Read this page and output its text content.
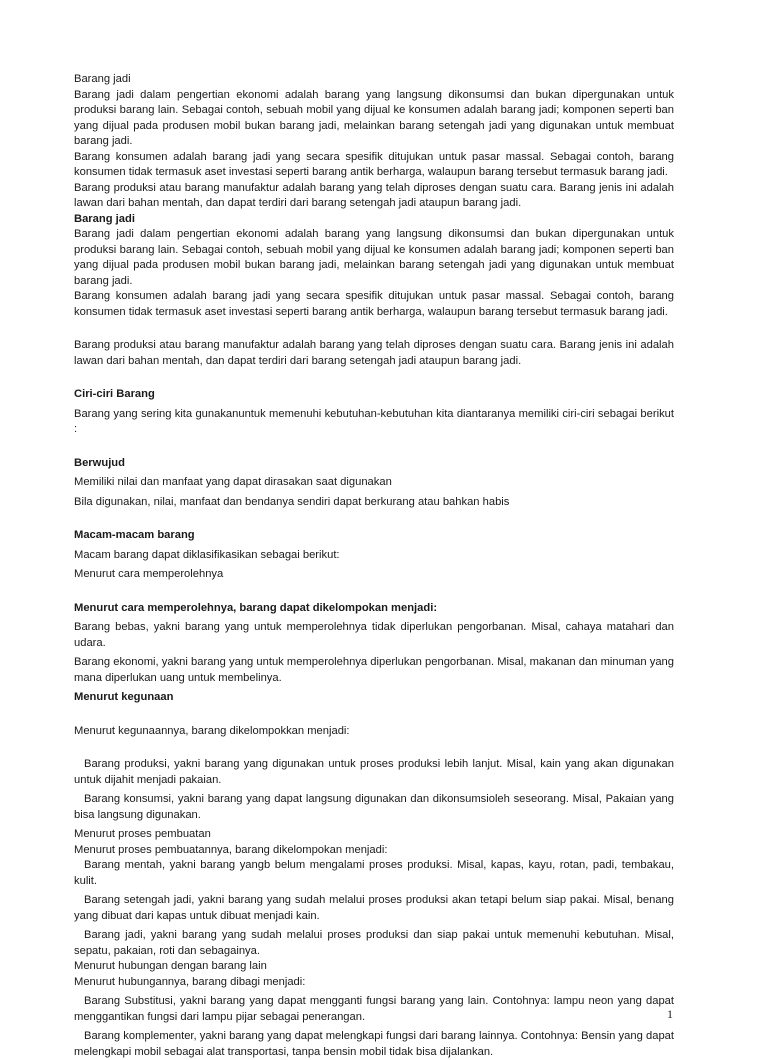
Barang jadi

Barang jadi dalam pengertian ekonomi adalah barang yang langsung dikonsumsi dan bukan dipergunakan untuk produksi barang lain. Sebagai contoh, sebuah mobil yang dijual ke konsumen adalah barang jadi; komponen seperti ban yang dijual pada produsen mobil bukan barang jadi, melainkan barang setengah jadi yang digunakan untuk membuat barang jadi.

Barang konsumen adalah barang jadi yang secara spesifik ditujukan untuk pasar massal. Sebagai contoh, barang konsumen tidak termasuk aset investasi seperti barang antik berharga, walaupun barang tersebut termasuk barang jadi.

Barang produksi atau barang manufaktur adalah barang yang telah diproses dengan suatu cara. Barang jenis ini adalah lawan dari bahan mentah, dan dapat terdiri dari barang setengah jadi ataupun barang jadi.

Barang jadi

Barang jadi dalam pengertian ekonomi adalah barang yang langsung dikonsumsi dan bukan dipergunakan untuk produksi barang lain. Sebagai contoh, sebuah mobil yang dijual ke konsumen adalah barang jadi; komponen seperti ban yang dijual pada produsen mobil bukan barang jadi, melainkan barang setengah jadi yang digunakan untuk membuat barang jadi.

Barang konsumen adalah barang jadi yang secara spesifik ditujukan untuk pasar massal. Sebagai contoh, barang konsumen tidak termasuk aset investasi seperti barang antik berharga, walaupun barang tersebut termasuk barang jadi.

Barang produksi atau barang manufaktur adalah barang yang telah diproses dengan suatu cara. Barang jenis ini adalah lawan dari bahan mentah, dan dapat terdiri dari barang setengah jadi ataupun barang jadi.

Ciri-ciri Barang

Barang yang sering kita gunakanuntuk memenuhi kebutuhan-kebutuhan kita diantaranya memiliki ciri-ciri sebagai berikut :

Berwujud

Memiliki nilai dan manfaat yang dapat dirasakan saat digunakan

Bila digunakan, nilai, manfaat dan bendanya sendiri dapat berkurang atau bahkan habis

Macam-macam barang

Macam barang dapat diklasifikasikan sebagai berikut:

Menurut cara memperolehnya

Menurut cara memperolehnya, barang dapat dikelompokan menjadi:

Barang bebas, yakni barang yang untuk memperolehnya tidak diperlukan pengorbanan. Misal, cahaya matahari dan udara.

Barang ekonomi, yakni barang yang untuk memperolehnya diperlukan pengorbanan. Misal, makanan dan minuman yang mana diperlukan uang untuk membelinya.

Menurut kegunaan

Menurut kegunaannya, barang dikelompokkan menjadi:

Barang produksi, yakni barang yang digunakan untuk proses produksi lebih lanjut. Misal, kain yang akan digunakan untuk dijahit menjadi pakaian.

Barang konsumsi, yakni barang yang dapat langsung digunakan dan dikonsumsioleh seseorang. Misal, Pakaian yang bisa langsung digunakan.

Menurut proses pembuatan

Menurut proses pembuatannya, barang dikelompokan menjadi:

Barang mentah, yakni barang yangb belum mengalami proses produksi. Misal, kapas, kayu, rotan, padi, tembakau, kulit.

Barang setengah jadi, yakni barang yang sudah melalui proses produksi akan tetapi belum siap pakai. Misal, benang yang dibuat dari kapas untuk dibuat menjadi kain.

Barang jadi, yakni barang yang sudah melalui proses produksi dan siap pakai untuk memenuhi kebutuhan. Misal, sepatu, pakaian, roti dan sebagainya.

Menurut hubungan dengan barang lain

Menurut hubungannya, barang dibagi menjadi:

Barang Substitusi, yakni barang yang dapat mengganti fungsi barang yang lain. Contohnya: lampu neon yang dapat menggantikan fungsi dari lampu pijar sebagai penerangan.

Barang komplementer, yakni barang yang dapat melengkapi fungsi dari barang lainnya. Contohnya: Bensin yang dapat melengkapi mobil sebagai alat transportasi, tanpa bensin mobil tidak bisa dijalankan.

1
